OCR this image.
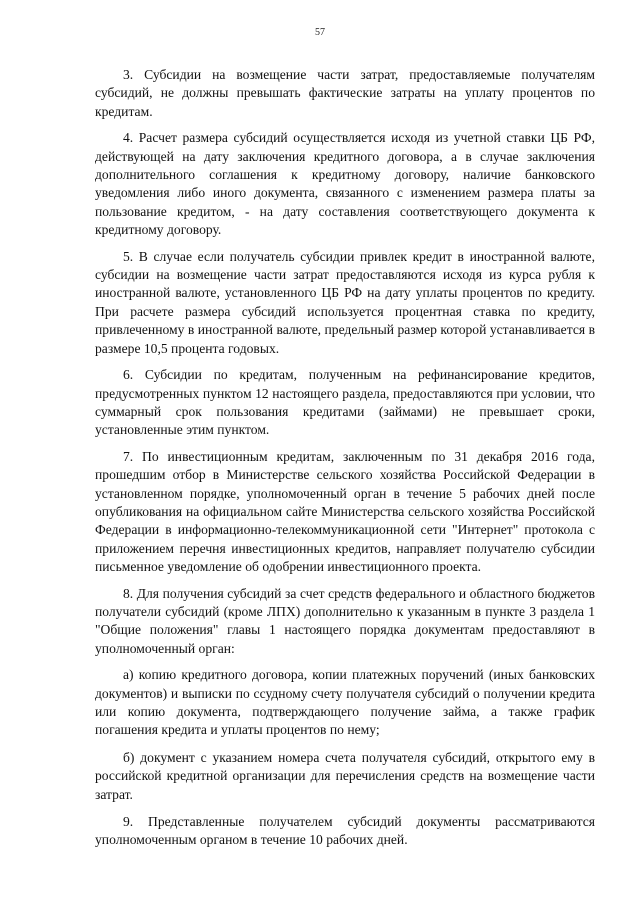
57

3. Субсидии на возмещение части затрат, предоставляемые получателям субсидий, не должны превышать фактические затраты на уплату процентов по кредитам.

4. Расчет размера субсидий осуществляется исходя из учетной ставки ЦБ РФ, действующей на дату заключения кредитного договора, а в случае заключения дополнительного соглашения к кредитному договору, наличие банковского уведомления либо иного документа, связанного с изменением размера платы за пользование кредитом, - на дату составления соответствующего документа к кредитному договору.

5. В случае если получатель субсидии привлек кредит в иностранной валюте, субсидии на возмещение части затрат предоставляются исходя из курса рубля к иностранной валюте, установленного ЦБ РФ на дату уплаты процентов по кредиту. При расчете размера субсидий используется процентная ставка по кредиту, привлеченному в иностранной валюте, предельный размер которой устанавливается в размере 10,5 процента годовых.

6. Субсидии по кредитам, полученным на рефинансирование кредитов, предусмотренных пунктом 12 настоящего раздела, предоставляются при условии, что суммарный срок пользования кредитами (займами) не превышает сроки, установленные этим пунктом.

7. По инвестиционным кредитам, заключенным по 31 декабря 2016 года, прошедшим отбор в Министерстве сельского хозяйства Российской Федерации в установленном порядке, уполномоченный орган в течение 5 рабочих дней после опубликования на официальном сайте Министерства сельского хозяйства Российской Федерации в информационно-телекоммуникационной сети "Интернет" протокола с приложением перечня инвестиционных кредитов, направляет получателю субсидии письменное уведомление об одобрении инвестиционного проекта.

8. Для получения субсидий за счет средств федерального и областного бюджетов получатели субсидий (кроме ЛПХ) дополнительно к указанным в пункте 3 раздела 1 "Общие положения" главы 1 настоящего порядка документам предоставляют в уполномоченный орган:

а) копию кредитного договора, копии платежных поручений (иных банковских документов) и выписки по ссудному счету получателя субсидий о получении кредита или копию документа, подтверждающего получение займа, а также график погашения кредита и уплаты процентов по нему;

б) документ с указанием номера счета получателя субсидий, открытого ему в российской кредитной организации для перечисления средств на возмещение части затрат.

9. Представленные получателем субсидий документы рассматриваются уполномоченным органом в течение 10 рабочих дней.
